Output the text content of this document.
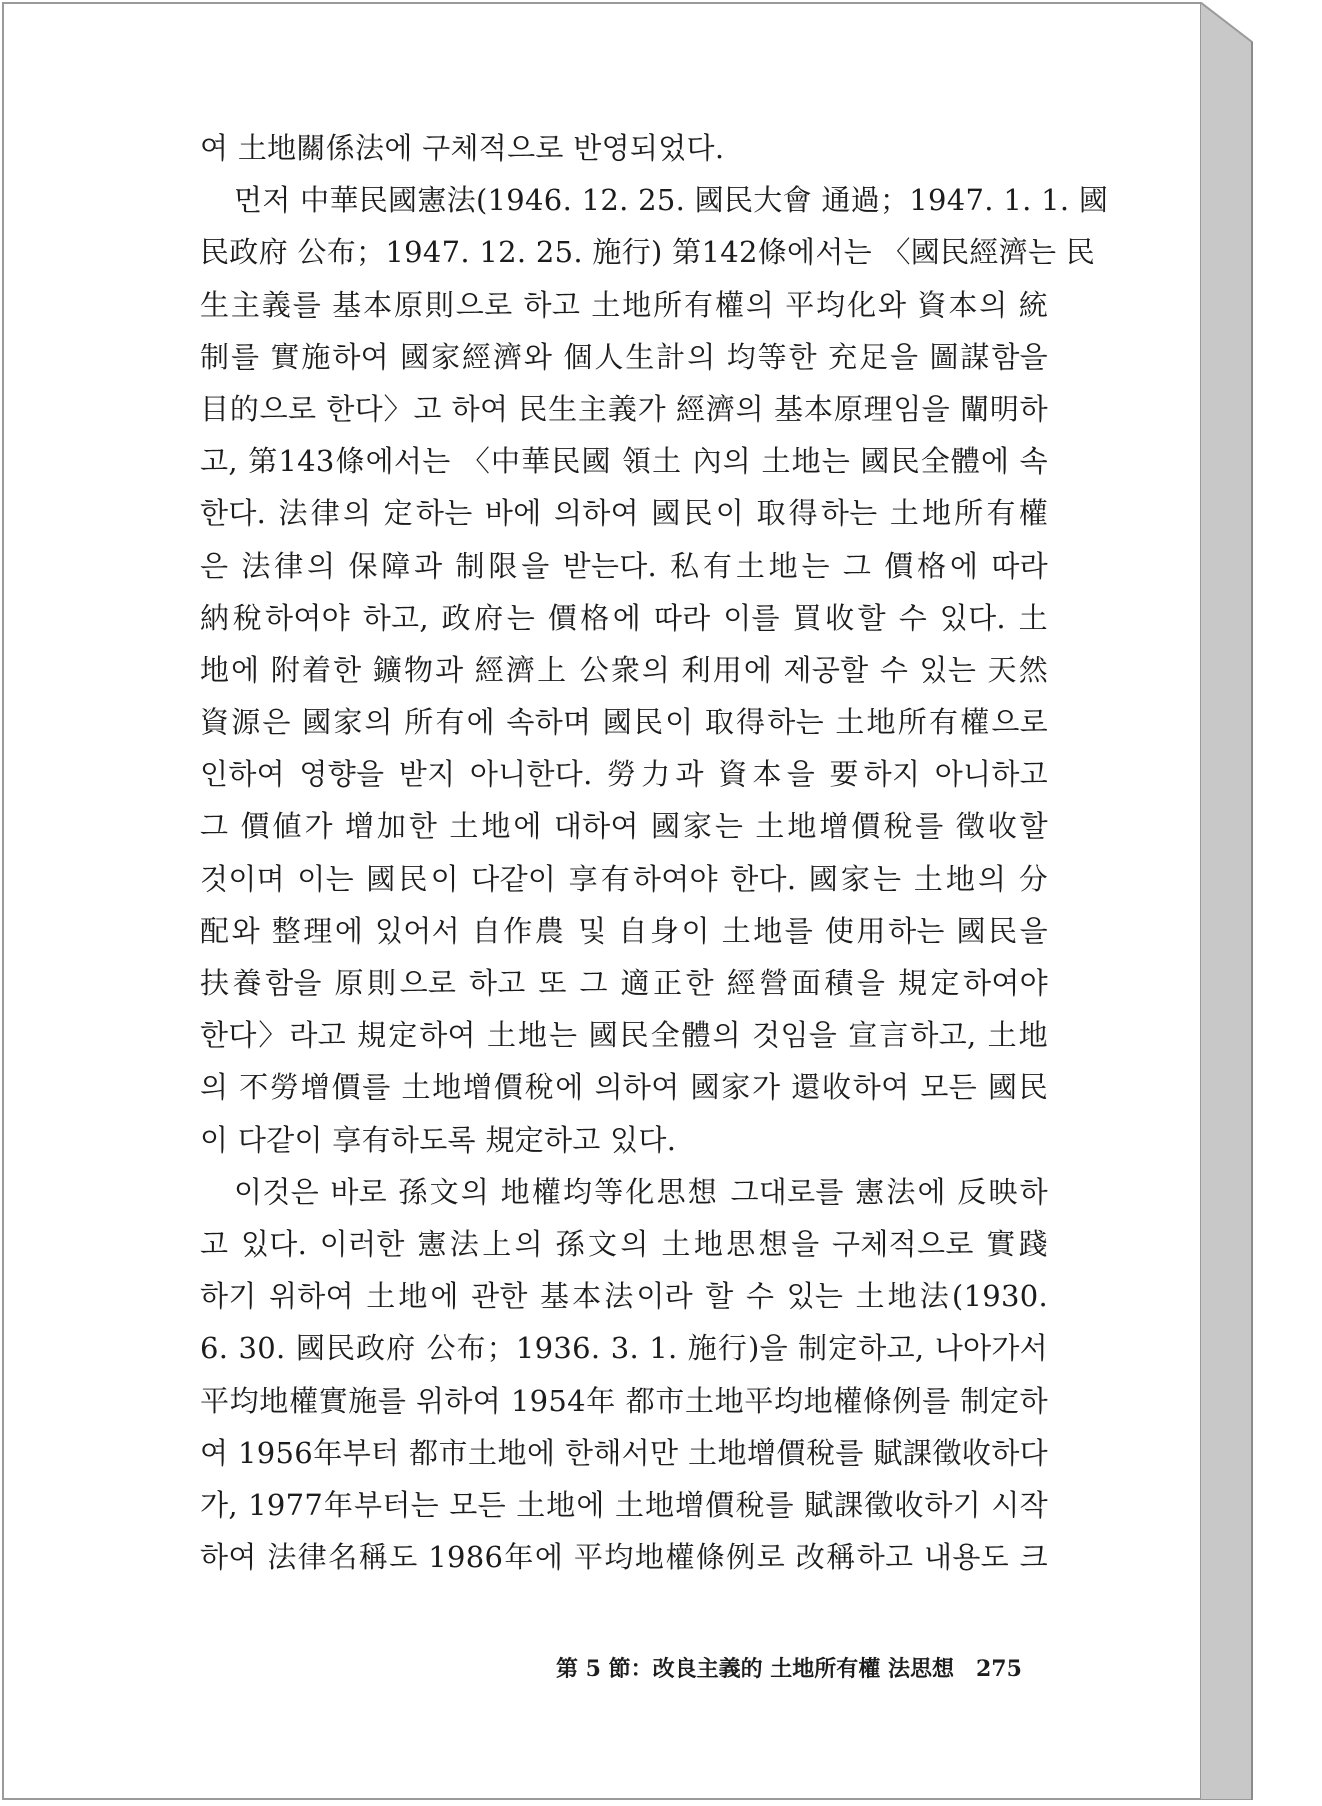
여 土地關係法에 구체적으로 반영되었다.
먼저 中華民國憲法(1946. 12. 25. 國民大會 通過；1947. 1. 1. 國
民政府 公布；1947. 12. 25. 施行) 第142條에서는 〈國民經濟는 民
生主義를 基本原則으로 하고 土地所有權의 平均化와 資本의 統
制를 實施하여 國家經濟와 個人生計의 均等한 充足을 圖謀함을
目的으로 한다〉고 하여 民生主義가 經濟의 基本原理임을 闡明하
고, 第143條에서는 〈中華民國 領土 內의 土地는 國民全體에 속
한다. 法律의 定하는 바에 의하여 國民이 取得하는 土地所有權
은 法律의 保障과 制限을 받는다. 私有土地는 그 價格에 따라
納稅하여야 하고, 政府는 價格에 따라 이를 買收할 수 있다. 土
地에 附着한 鑛物과 經濟上 公衆의 利用에 제공할 수 있는 天然
資源은 國家의 所有에 속하며 國民이 取得하는 土地所有權으로
인하여 영향을 받지 아니한다. 勞力과 資本을 要하지 아니하고
그 價値가 增加한 土地에 대하여 國家는 土地增價稅를 徵收할
것이며 이는 國民이 다같이 享有하여야 한다. 國家는 土地의 分
配와 整理에 있어서 自作農 및 自身이 土地를 使用하는 國民을
扶養함을 原則으로 하고 또 그 適正한 經營面積을 規定하여야
한다〉라고 規定하여 土地는 國民全體의 것임을 宣言하고, 土地
의 不勞增價를 土地增價稅에 의하여 國家가 還收하여 모든 國民
이 다같이 享有하도록 規定하고 있다.
이것은 바로 孫文의 地權均等化思想 그대로를 憲法에 反映하
고 있다. 이러한 憲法上의 孫文의 土地思想을 구체적으로 實踐
하기 위하여 土地에 관한 基本法이라 할 수 있는 土地法(1930.
6. 30. 國民政府 公布；1936. 3. 1. 施行)을 制定하고, 나아가서
平均地權實施를 위하여 1954年 都市土地平均地權條例를 制定하
여 1956年부터 都市土地에 한해서만 土地增價稅를 賦課徵收하다
가, 1977年부터는 모든 土地에 土地增價稅를 賦課徵收하기 시작
하여 法律名稱도 1986年에 平均地權條例로 改稱하고 내용도 크
第 5 節：改良主義的 土地所有權 法思想 275
